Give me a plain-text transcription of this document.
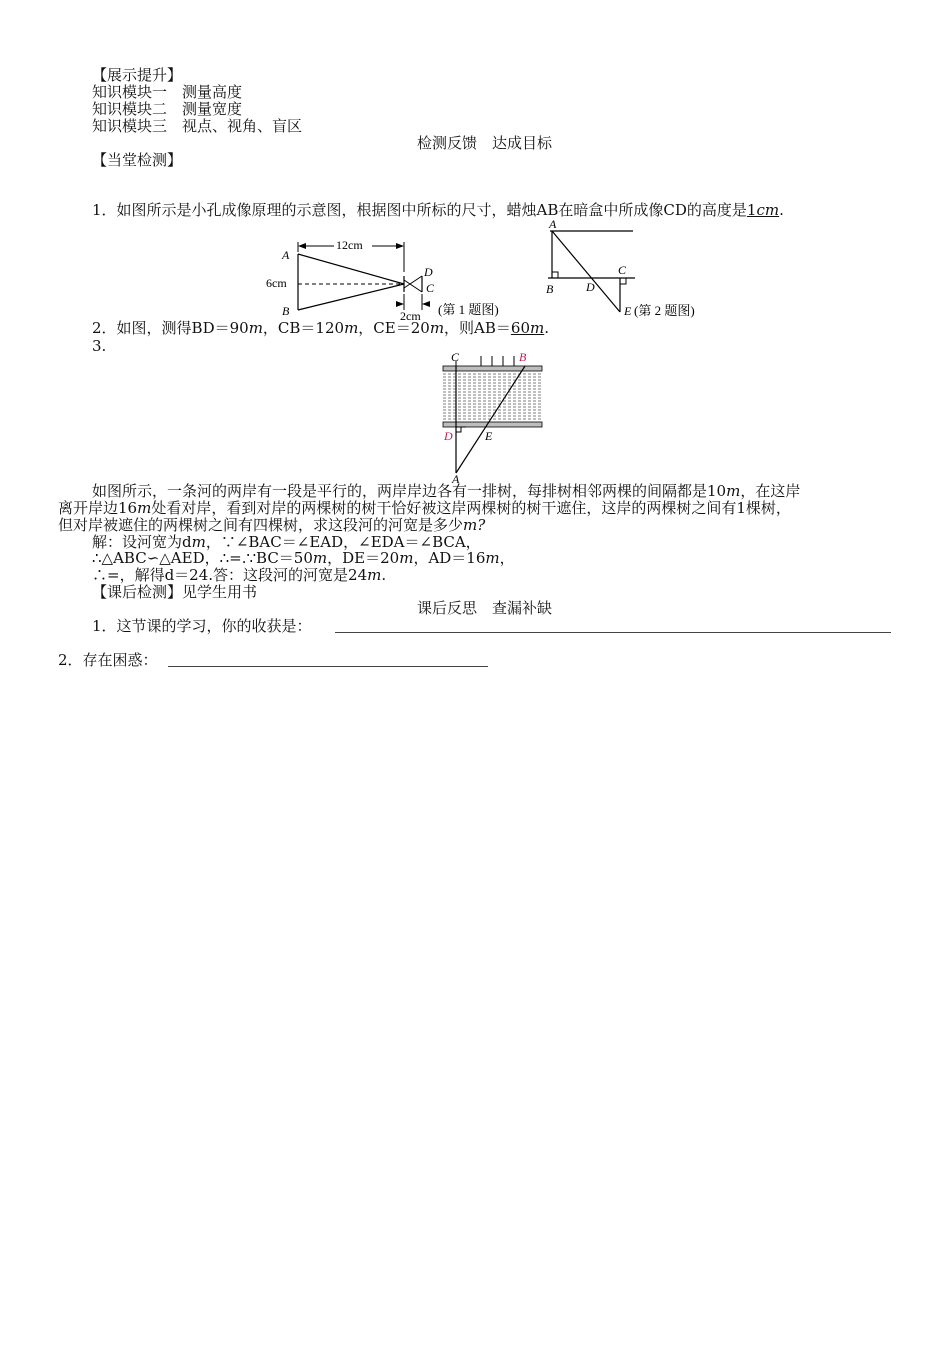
【展示提升】
知识模块一　测量高度
知识模块二　测量宽度
知识模块三　视点、视角、盲区
检测反馈　达成目标
【当堂检测】
1．如图所示是小孔成像原理的示意图，根据图中所标的尺寸，蜡烛AB在暗盒中所成像CD的高度是1cm.
12cm
6cm
2cm
A
B
C
D
(第 1 题图)
A
B	D
C
E (第 2 题图)
2．如图，测得BD＝90m，CB＝120m，CE＝20m，则AB＝60m.
3.
C	B
D	E
A
如图所示，一条河的两岸有一段是平行的，两岸岸边各有一排树，每排树相邻两棵的间隔都是10m，在这岸
离开岸边16m处看对岸，看到对岸的两棵树的树干恰好被这岸两棵树的树干遮住，这岸的两棵树之间有1棵树，
但对岸被遮住的两棵树之间有四棵树，求这段河的河宽是多少m?
解：设河宽为dm，∵∠BAC＝∠EAD，∠EDA＝∠BCA，
∴△ABC∽△AED，∴=.∵BC＝50m，DE＝20m，AD＝16m，
∴=，解得d＝24.答：这段河的河宽是24m.
【课后检测】见学生用书
课后反思　查漏补缺
1．这节课的学习，你的收获是：
2．存在困惑：
